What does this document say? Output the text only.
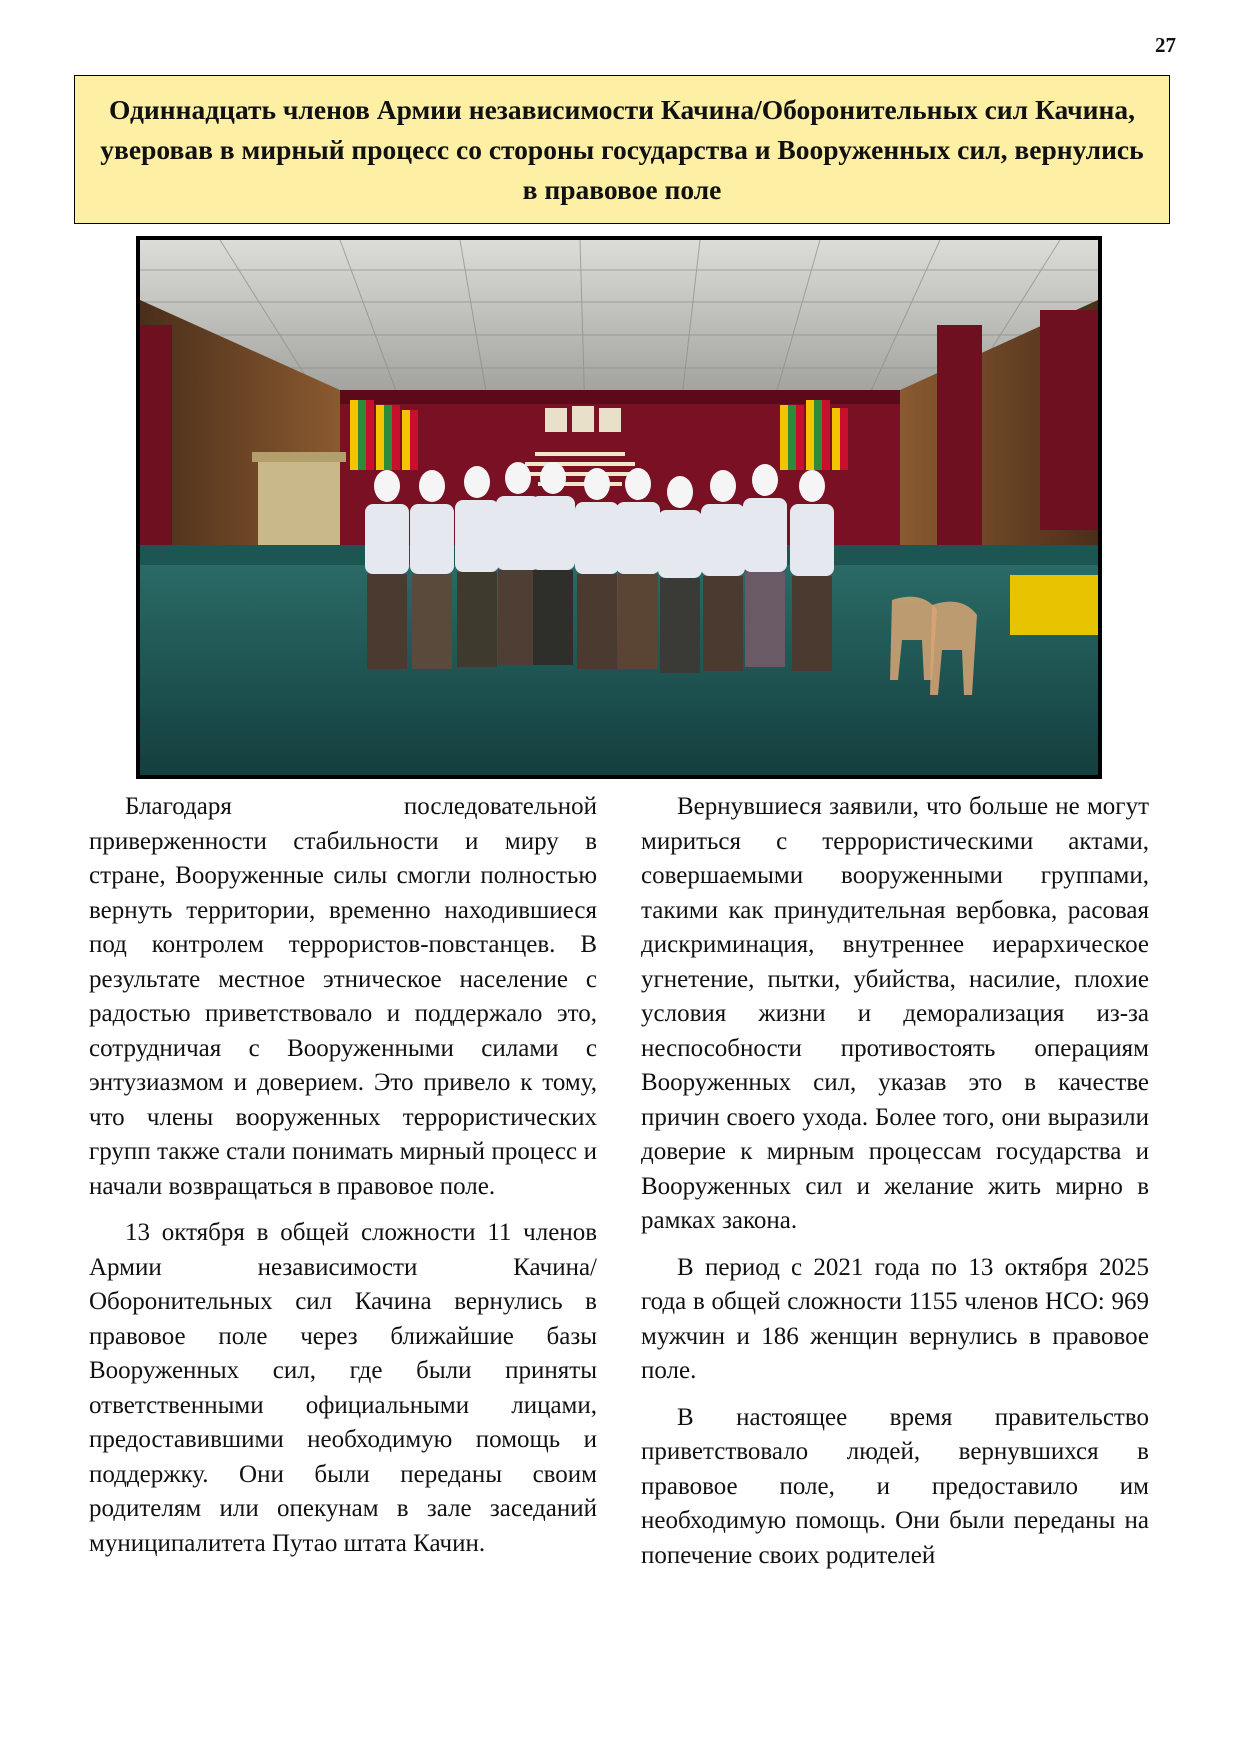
27
Одиннадцать членов Армии независимости Качина/Оборонительных сил Качина, уверовав в мирный процесс со стороны государства и Вооруженных сил, вернулись в правовое поле

Благодаря последовательной приверженности стабильности и миру в стране, Вооруженные силы смогли полностью вернуть территории, временно находившиеся под контролем террористов-повстанцев. В результате местное этническое население с радостью приветствовало и поддержало это, сотрудничая с Вооруженными силами с энтузиазмом и доверием. Это привело к тому, что члены вооруженных террористических групп также стали понимать мирный процесс и начали возвращаться в правовое поле.

13 октября в общей сложности 11 членов Армии независимости Качина/ Оборонительных сил Качина вернулись в правовое поле через ближайшие базы Вооруженных сил, где были приняты ответственными официальными лицами, предоставившими необходимую помощь и поддержку. Они были переданы своим родителям или опекунам в зале заседаний муниципалитета Путао штата Качин.

Вернувшиеся заявили, что больше не могут мириться с террористическими актами, совершаемыми вооруженными группами, такими как принудительная вербовка, расовая дискриминация, внутреннее иерархическое угнетение, пытки, убийства, насилие, плохие условия жизни и деморализация из-за неспособности противостоять операциям Вооруженных сил, указав это в качестве причин своего ухода. Более того, они выразили доверие к мирным процессам государства и Вооруженных сил и желание жить мирно в рамках закона.

В период с 2021 года по 13 октября 2025 года в общей сложности 1155 членов НСО: 969 мужчин и 186 женщин вернулись в правовое поле.

В настоящее время правительство приветствовало людей, вернувшихся в правовое поле, и предоставило им необходимую помощь. Они были переданы на попечение своих родителей
